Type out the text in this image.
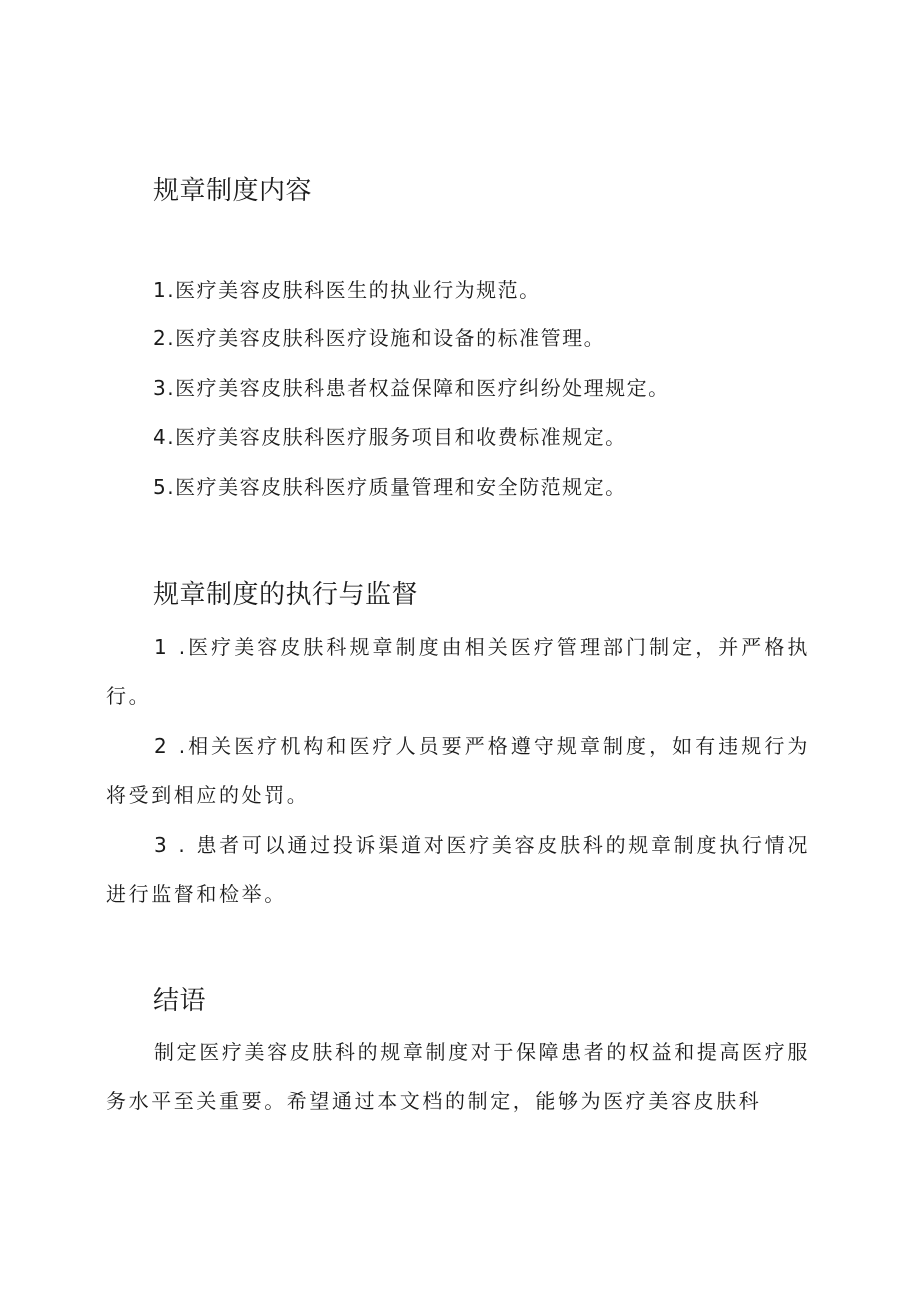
规章制度内容
1.医疗美容皮肤科医生的执业行为规范。
2.医疗美容皮肤科医疗设施和设备的标准管理。
3.医疗美容皮肤科患者权益保障和医疗纠纷处理规定。
4.医疗美容皮肤科医疗服务项目和收费标准规定。
5.医疗美容皮肤科医疗质量管理和安全防范规定。
规章制度的执行与监督

1 .医疗美容皮肤科规章制度由相关医疗管理部门制定，并严格执行。

2 .相关医疗机构和医疗人员要严格遵守规章制度，如有违规行为将受到相应的处罚。

3 . 患者可以通过投诉渠道对医疗美容皮肤科的规章制度执行情况进行监督和检举。

结语

制定医疗美容皮肤科的规章制度对于保障患者的权益和提高医疗服务水平至关重要。希望通过本文档的制定，能够为医疗美容皮肤科
